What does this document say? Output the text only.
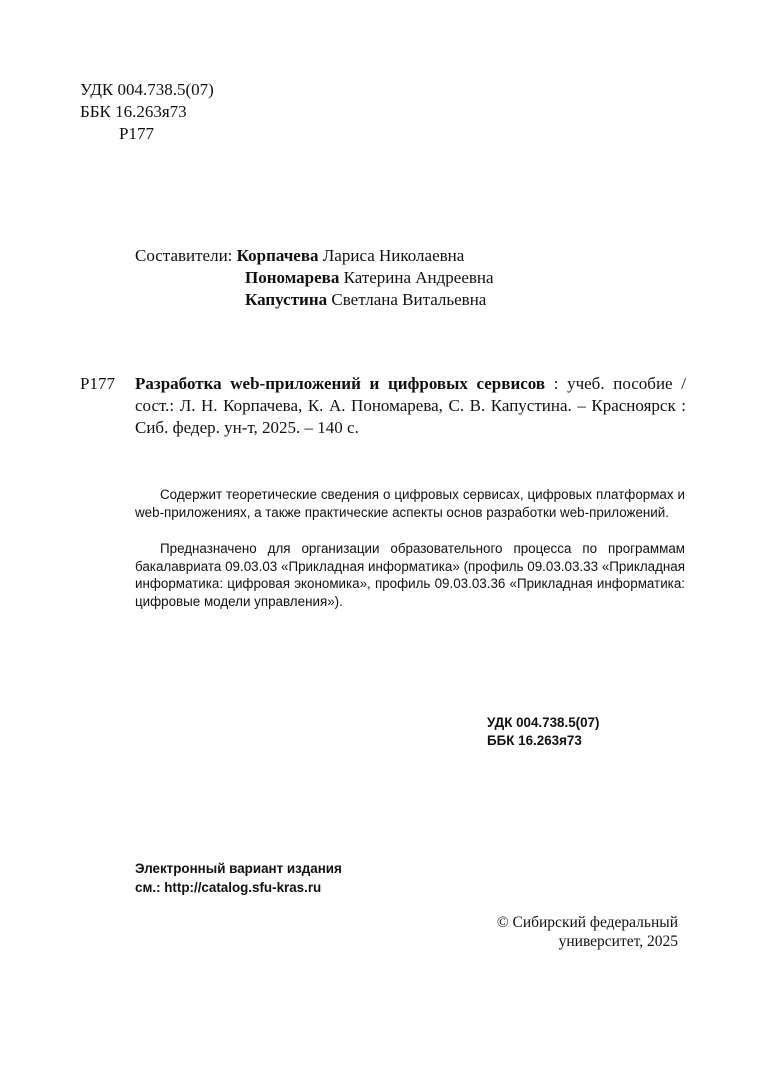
УДК 004.738.5(07)
ББК 16.263я73
Р177
Составители: Корпачева Лариса Николаевна
Пономарева Катерина Андреевна
Капустина Светлана Витальевна
Р177 Разработка web-приложений и цифровых сервисов : учеб. пособие / сост.: Л. Н. Корпачева, К. А. Пономарева, С. В. Капустина. – Красноярск : Сиб. федер. ун-т, 2025. – 140 с.
Содержит теоретические сведения о цифровых сервисах, цифровых платформах и web-приложениях, а также практические аспекты основ разработки web-приложений.
Предназначено для организации образовательного процесса по программам бакалавриата 09.03.03 «Прикладная информатика» (профиль 09.03.03.33 «Прикладная информатика: цифровая экономика», профиль 09.03.03.36 «Прикладная информатика: цифровые модели управления»).
УДК 004.738.5(07)
ББК 16.263я73
Электронный вариант издания
см.: http://catalog.sfu-kras.ru
© Сибирский федеральный
университет, 2025
